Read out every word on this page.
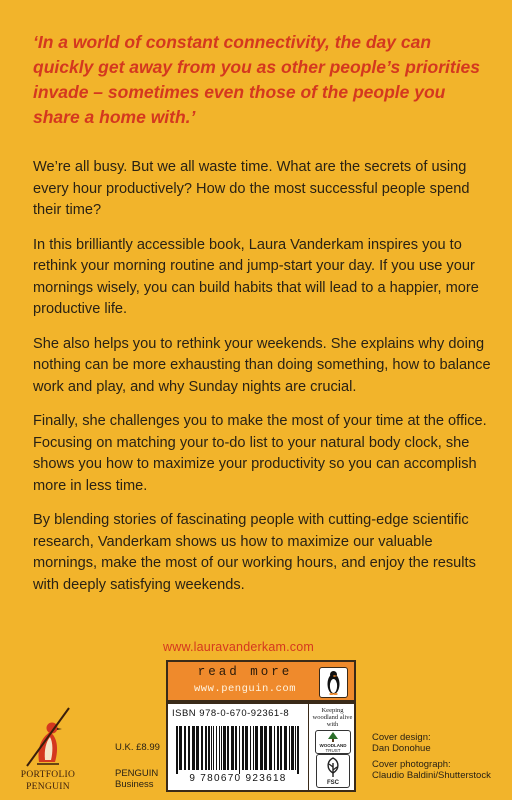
‘In a world of constant connectivity, the day can quickly get away from you as other people’s priorities invade – sometimes even those of the people you share a home with.’

We’re all busy. But we all waste time. What are the secrets of using every hour productively? How do the most successful people spend their time?

In this brilliantly accessible book, Laura Vanderkam inspires you to rethink your morning routine and jump-start your day. If you use your mornings wisely, you can build habits that will lead to a happier, more productive life.

She also helps you to rethink your weekends. She explains why doing nothing can be more exhausting than doing something, how to balance work and play, and why Sunday nights are crucial.

Finally, she challenges you to make the most of your time at the office. Focusing on matching your to-do list to your natural body clock, she shows you how to maximize your productivity so you can accomplish more in less time.

By blending stories of fascinating people with cutting-edge scientific research, Vanderkam shows us how to maximize our valuable mornings, make the most of our working hours, and enjoy the results with deeply satisfying weekends.

www.lauravanderkam.com
read more
www.penguin.com
ISBN 978-0-670-92361-8
9 780670 923618
Keeping woodland alive with
WOODLAND
TRUST
FSC
U.K. £8.99
PENGUIN
Business
Cover design:
Dan Donohue
Cover photograph:
Claudio Baldini/Shutterstock
PORTFOLIO
PENGUIN
